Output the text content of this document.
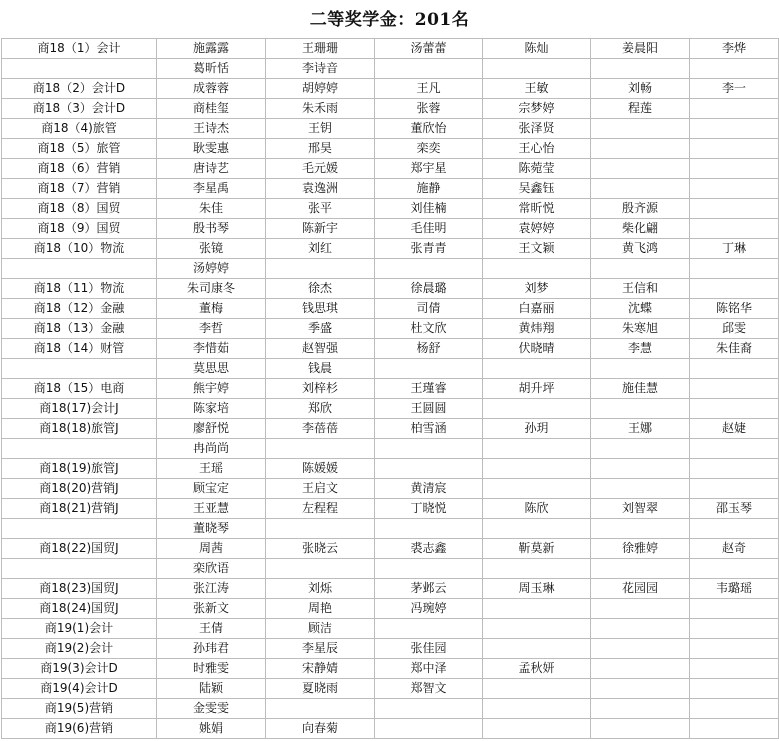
二等奖学金：201名
商18（1）会计	施露露	王珊珊	汤蕾蕾	陈灿	姜晨阳	李烨
	葛昕恬	李诗音				
商18（2）会计D	成蓉蓉	胡婷婷	王凡	王敏	刘畅	李一
商18（3）会计D	商桂玺	朱禾雨	张蓉	宗梦婷	程莲	
商18（4)旅管	王诗杰	王钥	董欣怡	张泽贤		
商18（5）旅管	耿雯惠	邢昊	栾奕	王心怡		
商18（6）营销	唐诗艺	毛元媛	郑宇星	陈菀莹		
商18（7）营销	李星禹	袁逸洲	施静	吴鑫钰		
商18（8）国贸	朱佳	张平	刘佳楠	常昕悦	殷齐源	
商18（9）国贸	殷书琴	陈新宇	毛佳明	袁婷婷	柴化翩	
商18（10）物流	张镜	刘红	张青青	王文颖	黄飞鸿	丁琳
	汤婷婷					
商18（11）物流	朱司康冬	徐杰	徐晨璐	刘梦	王信和	
商18（12）金融	董梅	钱思琪	司倩	白嘉丽	沈蝶	陈铭华
商18（13）金融	李哲	季盛	杜文欣	黄炜翔	朱寒旭	邱雯
商18（14）财管	李惜茹	赵智强	杨舒	伏晓晴	李慧	朱佳裔
	莫思思	钱晨				
商18（15）电商	熊宇婷	刘梓杉	王瑾睿	胡升坪	施佳慧	
商18(17)会计J	陈家培	郑欣	王圆圆			
商18(18)旅管J	廖舒悦	李蓓蓓	柏雪涵	孙玥	王娜	赵婕
	冉尚尚					
商18(19)旅管J	王瑶	陈媛媛				
商18(20)营销J	顾宝定	王启文	黄清宸			
商18(21)营销J	王亚慧	左程程	丁晓悦	陈欣	刘智翠	邵玉琴
	董晓琴					
商18(22)国贸J	周茜	张晓云	裘志鑫	靳莫新	徐雅婷	赵奇
	栾欣语					
商18(23)国贸J	张江涛	刘烁	茅邺云	周玉琳	花园园	韦璐瑶
商18(24)国贸J	张新文	周艳	冯琬婷			
商19(1)会计	王倩	顾洁				
商19(2)会计	孙玮君	李星辰	张佳园			
商19(3)会计D	时雅雯	宋静婧	郑中泽	孟秋妍		
商19(4)会计D	陆颖	夏晓雨	郑智文			
商19(5)营销	金雯雯					
商19(6)营销	姚娟	向春菊				
